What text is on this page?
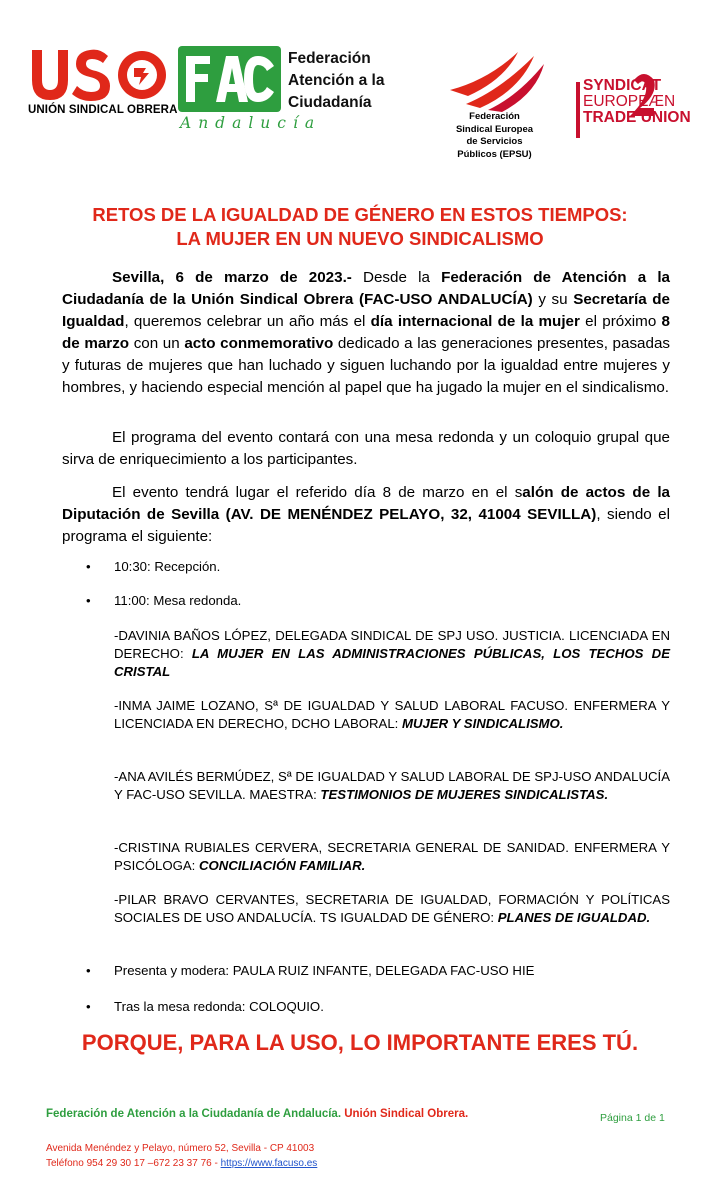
UNIÓN SINDICAL OBRERA
Federación
Atención a la
Ciudadanía
Andalucía	Federación
Sindical Europea
de Servicios
Públicos (EPSU)
SYNDICAT
EUROPEÆN
TRADE UNION
RETOS DE LA IGUALDAD DE GÉNERO EN ESTOS TIEMPOS:
LA MUJER EN UN NUEVO SINDICALISMO

Sevilla, 6 de marzo de 2023.- Desde la Federación de Atención a la Ciudadanía de la Unión Sindical Obrera (FAC-USO ANDALUCÍA) y su Secretaría de Igualdad, queremos celebrar un año más el día internacional de la mujer el próximo 8 de marzo con un acto conmemorativo dedicado a las generaciones presentes, pasadas y futuras de mujeres que han luchado y siguen luchando por la igualdad entre mujeres y hombres, y haciendo especial mención al papel que ha jugado la mujer en el sindicalismo.

El programa del evento contará con una mesa redonda y un coloquio grupal que sirva de enriquecimiento a los participantes.

El evento tendrá lugar el referido día 8 de marzo en el salón de actos de la Diputación de Sevilla (AV. DE MENÉNDEZ PELAYO, 32, 41004 SEVILLA), siendo el programa el siguiente:

• 10:30: Recepción.
• 11:00: Mesa redonda.
-DAVINIA BAÑOS LÓPEZ, DELEGADA SINDICAL DE SPJ USO. JUSTICIA. LICENCIADA EN DERECHO: LA MUJER EN LAS ADMINISTRACIONES PÚBLICAS, LOS TECHOS DE CRISTAL
-INMA JAIME LOZANO, Sª DE IGUALDAD Y SALUD LABORAL FACUSO. ENFERMERA Y LICENCIADA EN DERECHO, DCHO LABORAL: MUJER Y SINDICALISMO.
-ANA AVILÉS BERMÚDEZ, Sª DE IGUALDAD Y SALUD LABORAL DE SPJ-USO ANDALUCÍA Y FAC-USO SEVILLA. MAESTRA: TESTIMONIOS DE MUJERES SINDICALISTAS.
-CRISTINA RUBIALES CERVERA, SECRETARIA GENERAL DE SANIDAD. ENFERMERA Y PSICÓLOGA: CONCILIACIÓN FAMILIAR.
-PILAR BRAVO CERVANTES, SECRETARIA DE IGUALDAD, FORMACIÓN Y POLÍTICAS SOCIALES DE USO ANDALUCÍA. TS IGUALDAD DE GÉNERO: PLANES DE IGUALDAD.
• Presenta y modera: PAULA RUIZ INFANTE, DELEGADA FAC-USO HIE
• Tras la mesa redonda: COLOQUIO.
PORQUE, PARA LA USO, LO IMPORTANTE ERES TÚ.
Federación de Atención a la Ciudadanía de Andalucía. Unión Sindical Obrera.	Página 1 de 1
Avenida Menéndez y Pelayo, número 52, Sevilla - CP 41003
Teléfono 954 29 30 17 –672 23 37 76 - https://www.facuso.es
